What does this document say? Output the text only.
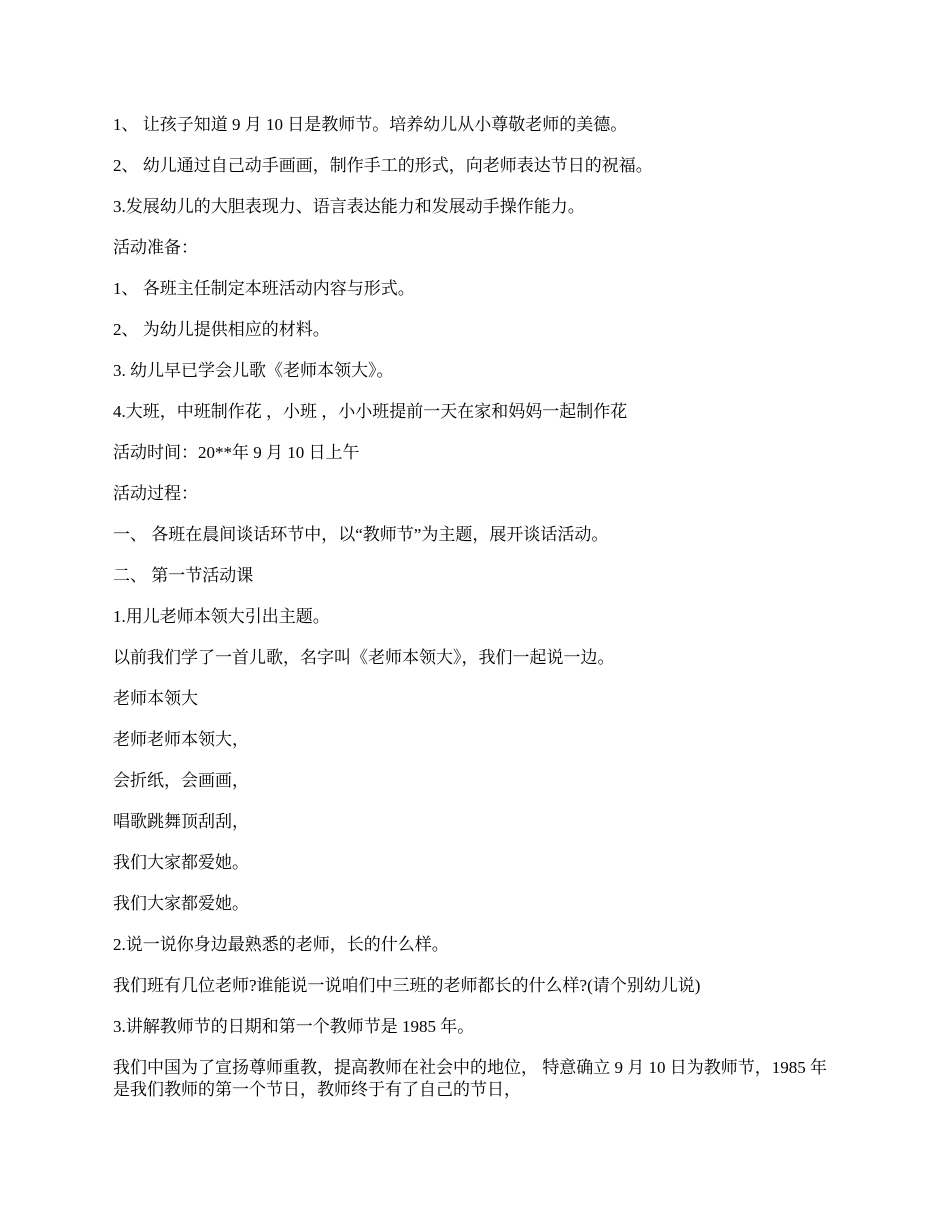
1、 让孩子知道 9 月 10 日是教师节。培养幼儿从小尊敬老师的美德。
2、 幼儿通过自己动手画画，制作手工的形式，向老师表达节日的祝福。
3.发展幼儿的大胆表现力、语言表达能力和发展动手操作能力。
活动准备：
1、 各班主任制定本班活动内容与形式。
2、 为幼儿提供相应的材料。
3. 幼儿早已学会儿歌《老师本领大》。
4.大班，中班制作花 ，小班 ，小小班提前一天在家和妈妈一起制作花
活动时间：20**年 9 月 10 日上午
活动过程：
一、 各班在晨间谈话环节中，以“教师节”为主题，展开谈话活动。
二、 第一节活动课
1.用儿老师本领大引出主题。
以前我们学了一首儿歌，名字叫《老师本领大》，我们一起说一边。
老师本领大
老师老师本领大，
会折纸，会画画，
唱歌跳舞顶刮刮，
我们大家都爱她。
我们大家都爱她。
2.说一说你身边最熟悉的老师，长的什么样。
我们班有几位老师?谁能说一说咱们中三班的老师都长的什么样?(请个别幼儿说)
3.讲解教师节的日期和第一个教师节是 1985 年。
我们中国为了宣扬尊师重教，提高教师在社会中的地位， 特意确立 9 月 10 日为教师节，1985 年是我们教师的第一个节日，教师终于有了自己的节日，
